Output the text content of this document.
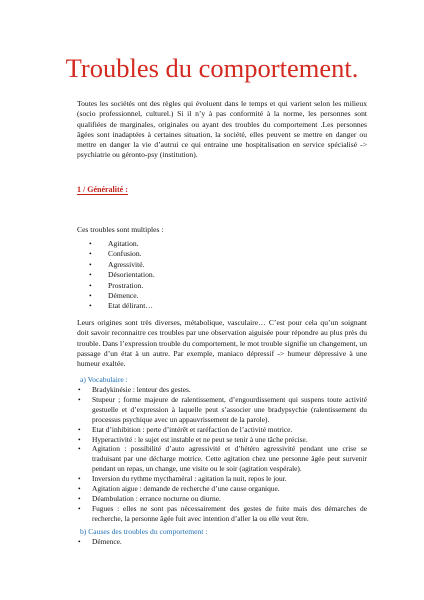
Troubles du comportement.
Toutes les sociétés ont des règles qui évoluent dans le temps et qui varient selon les milieux (socio professionnel, culturel.) Si il n’y à pas conformité à la norme, les personnes sont qualifiées de marginales, originales ou ayant des troubles du comportement .Les personnes âgées sont inadaptées à certaines situation, la société, elles peuvent se mettre en danger ou mettre en danger la vie d’autrui ce qui entraine une hospitalisation en service spécialisé -> psychiatrie ou géronto-psy (institution).
1 / Généralité :
Ces troubles sont multiples :
• Agitation.
• Confusion.
• Agressivité.
• Désorientation.
• Prostration.
• Démence.
• Etat délirant…
Leurs origines sont très diverses, métabolique, vasculaire… C’est pour cela qu’un soignant doit savoir reconnaitre ces troubles par une observation aiguisée pour répondre au plus près du trouble. Dans l’expression trouble du comportement, le mot trouble signifie un changement, un passage d’un état à un autre. Par exemple, maniaco dépressif -> humeur dépressive à une humeur exaltée.
a) Vocabulaire :
• Bradykinésie : lenteur des gestes.
• Stupeur ; forme majeure de ralentissement, d’engourdissement qui suspens toute activité gestuelle et d’expression à laquelle peut s’associer une bradypsychie (ralentissement du processus psychique avec un appauvrissement de la parole).
• Etat d’inhibition : perte d’intérêt et raréfaction de l’activité motrice.
• Hyperactivité : le sujet est instable et ne peut se tenir à une tâche précise.
• Agitation : possibilité d’auto agressivité et d’hétéro agressivité pendant une crise se traduisant par une décharge motrice. Cette agitation chez une personne âgée peut survenir pendant un repas, un change, une visite ou le soir (agitation vespérale).
• Inversion du rythme mycthaméral : agitation la nuit, repos le jour.
• Agitation aigue : demande de recherche d’une cause organique.
• Déambulation : errance nocturne ou diurne.
• Fugues : elles ne sont pas nécessairement des gestes de fuite mais des démarches de recherche, la personne âgée fuit avec intention d’aller la ou elle veut être.
b) Causes des troubles du comportement :
• Démence.
